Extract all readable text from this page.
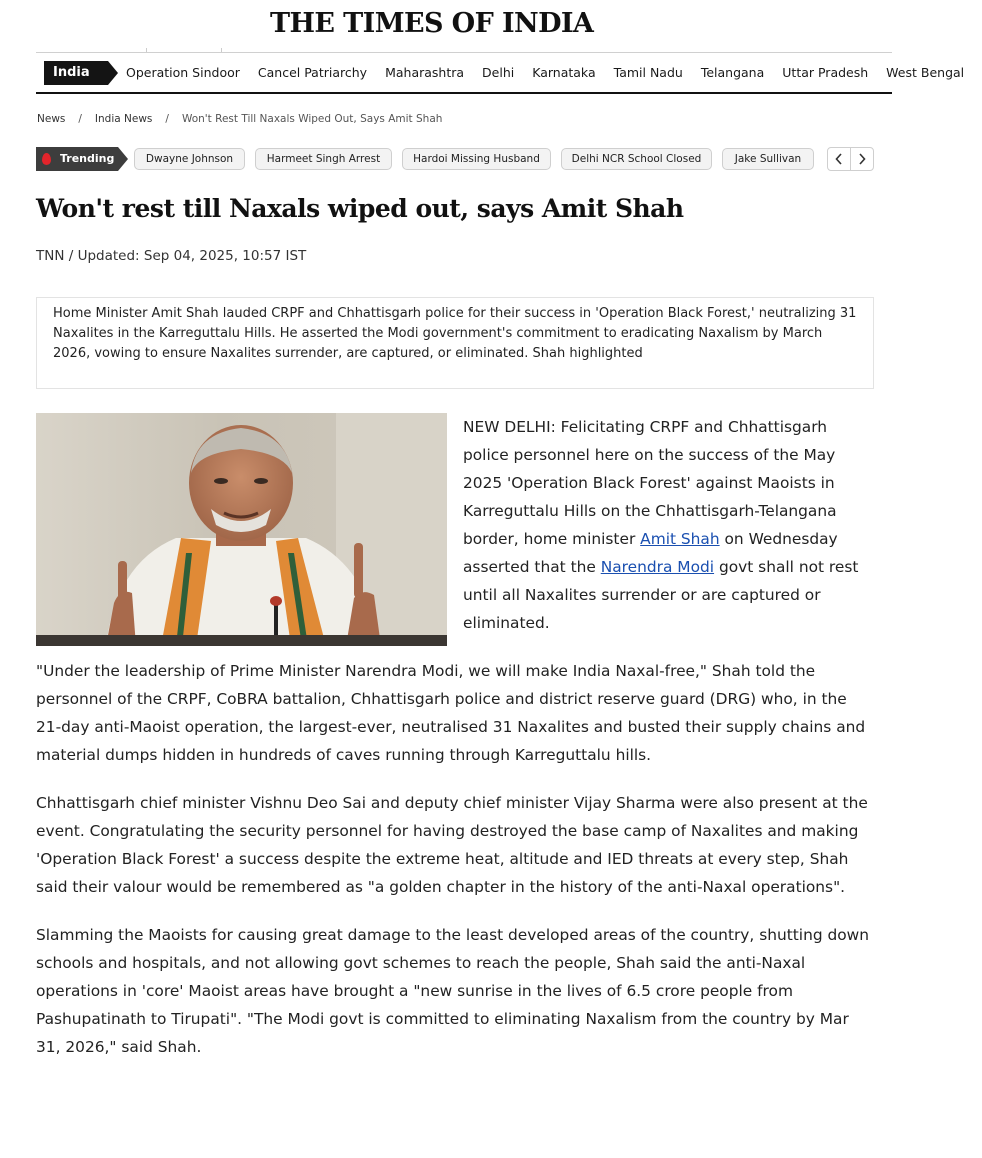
THE TIMES OF INDIA
India	Operation Sindoor Cancel Patriarchy Maharashtra Delhi Karnataka Tamil Nadu Telangana Uttar Pradesh West Bengal
News / India News / Won't Rest Till Naxals Wiped Out, Says Amit Shah
Trending	Dwayne Johnson	Harmeet Singh Arrest	Hardoi Missing Husband	Delhi NCR School Closed	Jake Sullivan
Won't rest till Naxals wiped out, says Amit Shah
TNN / Updated: Sep 04, 2025, 10:57 IST
Home Minister Amit Shah lauded CRPF and Chhattisgarh police for their success in 'Operation Black Forest,' neutralizing 31 Naxalites in the Karreguttalu Hills. He asserted the Modi government's commitment to eradicating Naxalism by March 2026, vowing to ensure Naxalites surrender, are captured, or eliminated. Shah highlighted

NEW DELHI: Felicitating CRPF and Chhattisgarh police personnel here on the success of the May 2025 'Operation Black Forest' against Maoists in Karreguttalu Hills on the Chhattisgarh-Telangana border, home minister Amit Shah on Wednesday asserted that the Narendra Modi govt shall not rest until all Naxalites surrender or are captured or eliminated.

"Under the leadership of Prime Minister Narendra Modi, we will make India Naxal-free," Shah told the personnel of the CRPF, CoBRA battalion, Chhattisgarh police and district reserve guard (DRG) who, in the 21-day anti-Maoist operation, the largest-ever, neutralised 31 Naxalites and busted their supply chains and material dumps hidden in hundreds of caves running through Karreguttalu hills.

Chhattisgarh chief minister Vishnu Deo Sai and deputy chief minister Vijay Sharma were also present at the event. Congratulating the security personnel for having destroyed the base camp of Naxalites and making 'Operation Black Forest' a success despite the extreme heat, altitude and IED threats at every step, Shah said their valour would be remembered as "a golden chapter in the history of the anti-Naxal operations".

Slamming the Maoists for causing great damage to the least developed areas of the country, shutting down schools and hospitals, and not allowing govt schemes to reach the people, Shah said the anti-Naxal operations in 'core' Maoist areas have brought a "new sunrise in the lives of 6.5 crore people from Pashupatinath to Tirupati". "The Modi govt is committed to eliminating Naxalism from the country by Mar 31, 2026," said Shah.
